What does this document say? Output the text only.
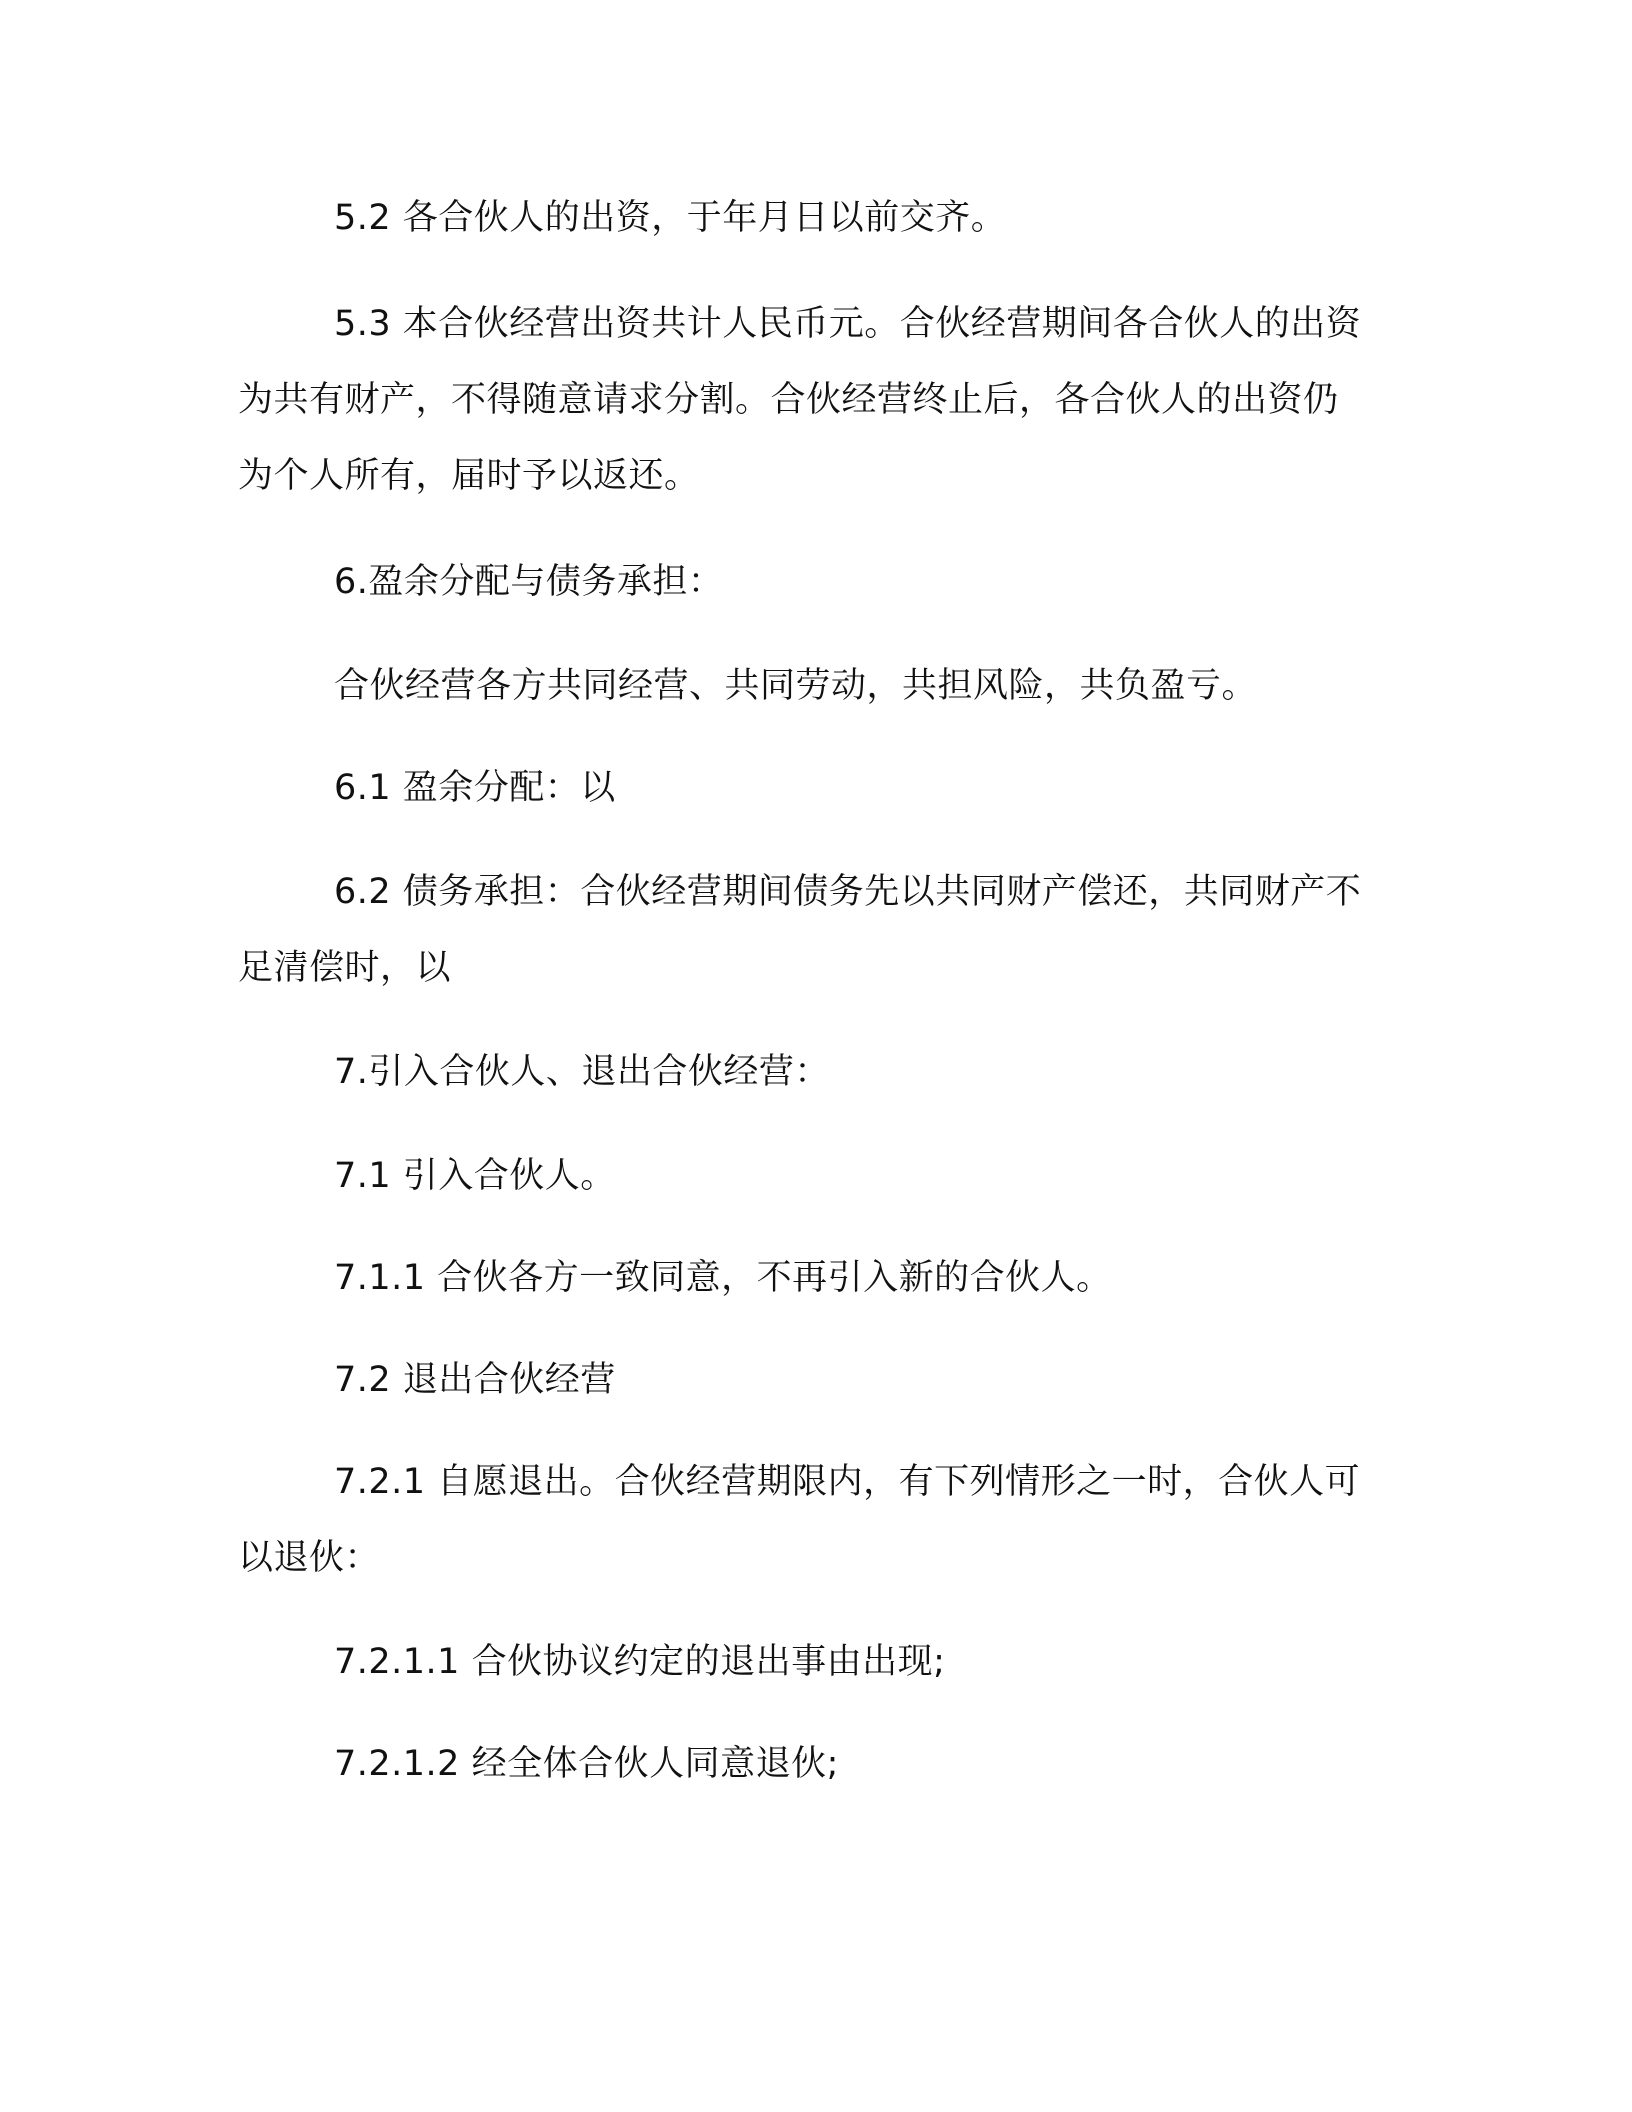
5.2 各合伙人的出资，于年月日以前交齐。

5.3 本合伙经营出资共计人民币元。合伙经营期间各合伙人的出资为共有财产，不得随意请求分割。合伙经营终止后，各合伙人的出资仍为个人所有，届时予以返还。

6.盈余分配与债务承担：

合伙经营各方共同经营、共同劳动，共担风险，共负盈亏。

6.1 盈余分配：以

6.2 债务承担：合伙经营期间债务先以共同财产偿还，共同财产不足清偿时，以

7.引入合伙人、退出合伙经营：

7.1 引入合伙人。

7.1.1 合伙各方一致同意，不再引入新的合伙人。

7.2 退出合伙经营

7.2.1 自愿退出。合伙经营期限内，有下列情形之一时，合伙人可以退伙：

7.2.1.1 合伙协议约定的退出事由出现;

7.2.1.2 经全体合伙人同意退伙;
